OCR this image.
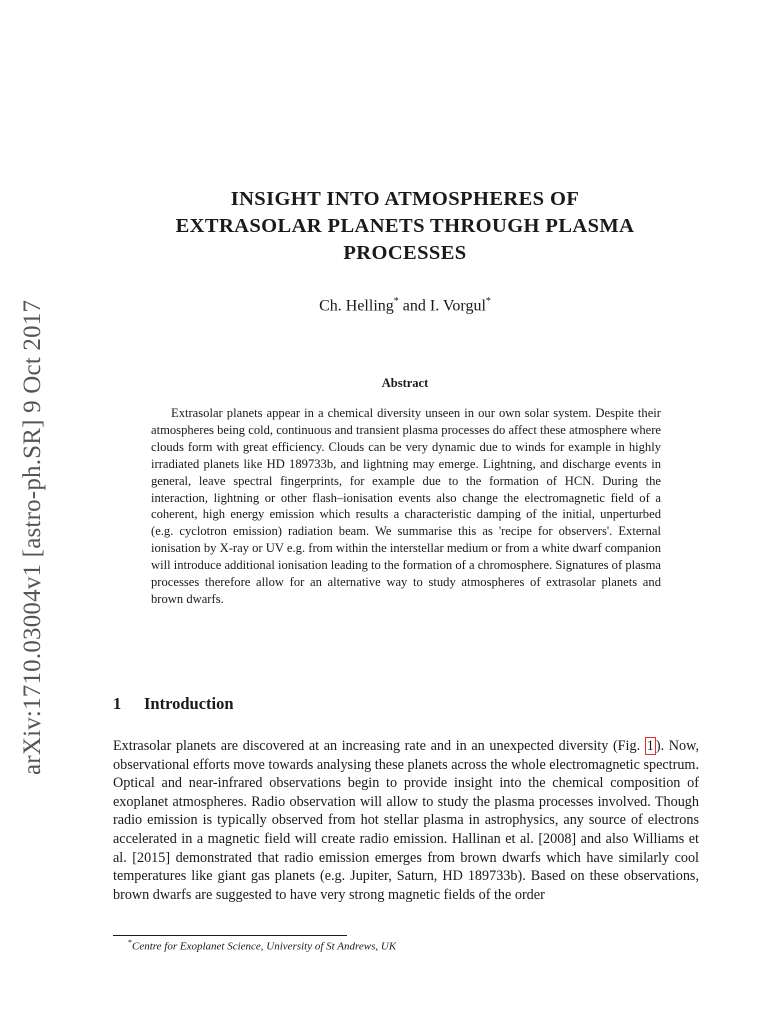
arXiv:1710.03004v1 [astro-ph.SR] 9 Oct 2017
INSIGHT INTO ATMOSPHERES OF
EXTRASOLAR PLANETS THROUGH PLASMA
PROCESSES
Ch. Helling* and I. Vorgul*
Abstract

Extrasolar planets appear in a chemical diversity unseen in our own solar system. Despite their atmospheres being cold, continuous and transient plasma processes do affect these atmosphere where clouds form with great efficiency. Clouds can be very dynamic due to winds for example in highly irradiated planets like HD 189733b, and lightning may emerge. Lightning, and discharge events in general, leave spectral fingerprints, for example due to the formation of HCN. During the interaction, lightning or other flash–ionisation events also change the electromagnetic field of a coherent, high energy emission which results a characteristic damping of the initial, unperturbed (e.g. cyclotron emission) radiation beam. We summarise this as 'recipe for observers'. External ionisation by X-ray or UV e.g. from within the interstellar medium or from a white dwarf companion will introduce additional ionisation leading to the formation of a chromosphere. Signatures of plasma processes therefore allow for an alternative way to study atmospheres of extrasolar planets and brown dwarfs.

1 Introduction

Extrasolar planets are discovered at an increasing rate and in an unexpected diversity (Fig. 1 ). Now, observational efforts move towards analysing these planets across the whole electromagnetic spectrum. Optical and near-infrared observations begin to provide insight into the chemical composition of exoplanet atmospheres. Radio observation will allow to study the plasma processes involved. Though radio emission is typically observed from hot stellar plasma in astrophysics, any source of electrons accelerated in a magnetic field will create radio emission. Hallinan et al. [2008] and also Williams et al. [2015] demonstrated that radio emission emerges from brown dwarfs which have similarly cool temperatures like giant gas planets (e.g. Jupiter, Saturn, HD 189733b). Based on these observations, brown dwarfs are suggested to have very strong magnetic fields of the order

*Centre for Exoplanet Science, University of St Andrews, UK
